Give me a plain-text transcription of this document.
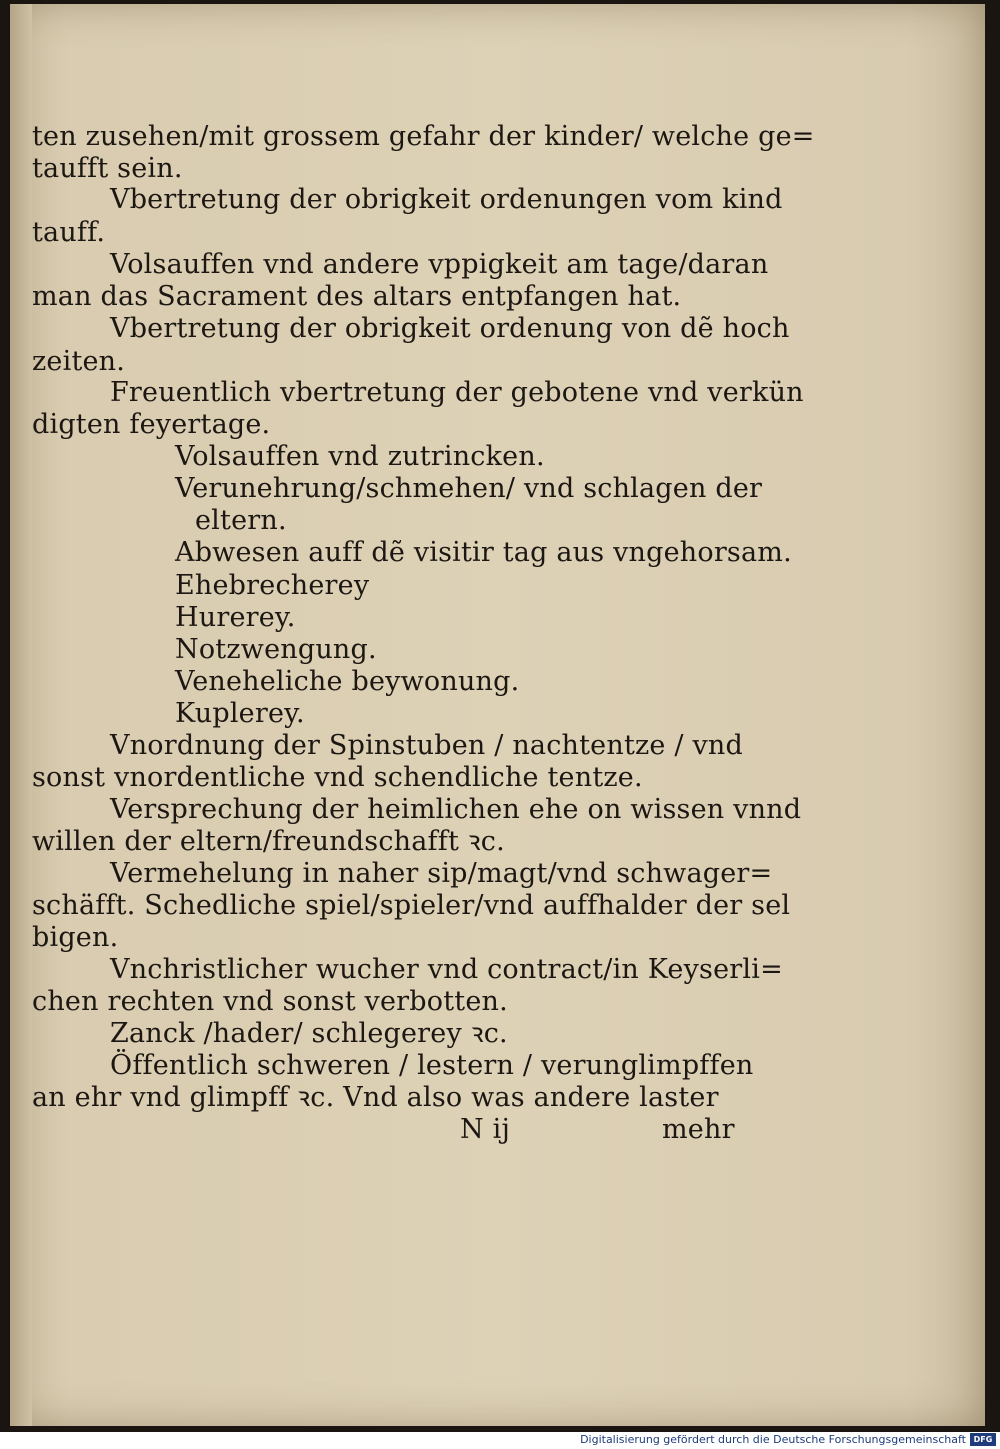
ten zusehen/mit grossem gefahr der kinder/ welche ge=
taufft sein.
Vbertretung der obrigkeit ordenungen vom kind
tauff.
Volsauffen vnd andere vppigkeit am tage/daran
man das Sacrament des altars entpfangen hat.
Vbertretung der obrigkeit ordenung von dẽ hoch
zeiten.
Freuentlich vbertretung der gebotene vnd verkün
digten feyertage.
Volsauffen vnd zutrincken.
Verunehrung/schmehen/ vnd schlagen der
eltern.
Abwesen auff dẽ visitir tag aus vngehorsam.
Ehebrecherey
Hurerey.
Notzwengung.
Veneheliche beywonung.
Kuplerey.
Vnordnung der Spinstuben / nachtentze / vnd
sonst vnordentliche vnd schendliche tentze.
Versprechung der heimlichen ehe on wissen vnnd
willen der eltern/freundschafft ꝛc.
Vermehelung in naher sip/magt/vnd schwager=
schäfft. Schedliche spiel/spieler/vnd auffhalder der sel
bigen.
Vnchristlicher wucher vnd contract/in Keyserli=
chen rechten vnd sonst verbotten.
Zanck /hader/ schlegerey ꝛc.
Öffentlich schweren / lestern / verunglimpffen
an ehr vnd glimpff ꝛc. Vnd also was andere laster
N ij	mehr
Digitalisierung gefördert durch die Deutsche Forschungsgemeinschaft DFG
